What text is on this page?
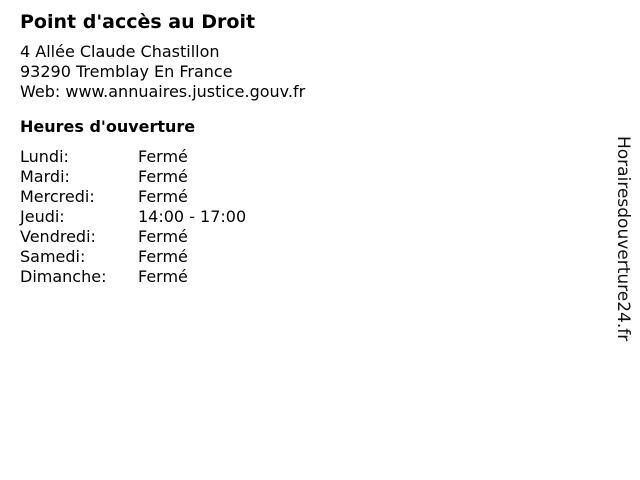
Point d'accès au Droit
4 Allée Claude Chastillon
93290 Tremblay En France
Web: www.annuaires.justice.gouv.fr
Heures d'ouverture
Lundi:	Fermé
Mardi:	Fermé
Mercredi:	Fermé
Jeudi:	14:00 - 17:00
Vendredi:	Fermé
Samedi:	Fermé
Dimanche:	Fermé	Horairesdouverture24.fr
